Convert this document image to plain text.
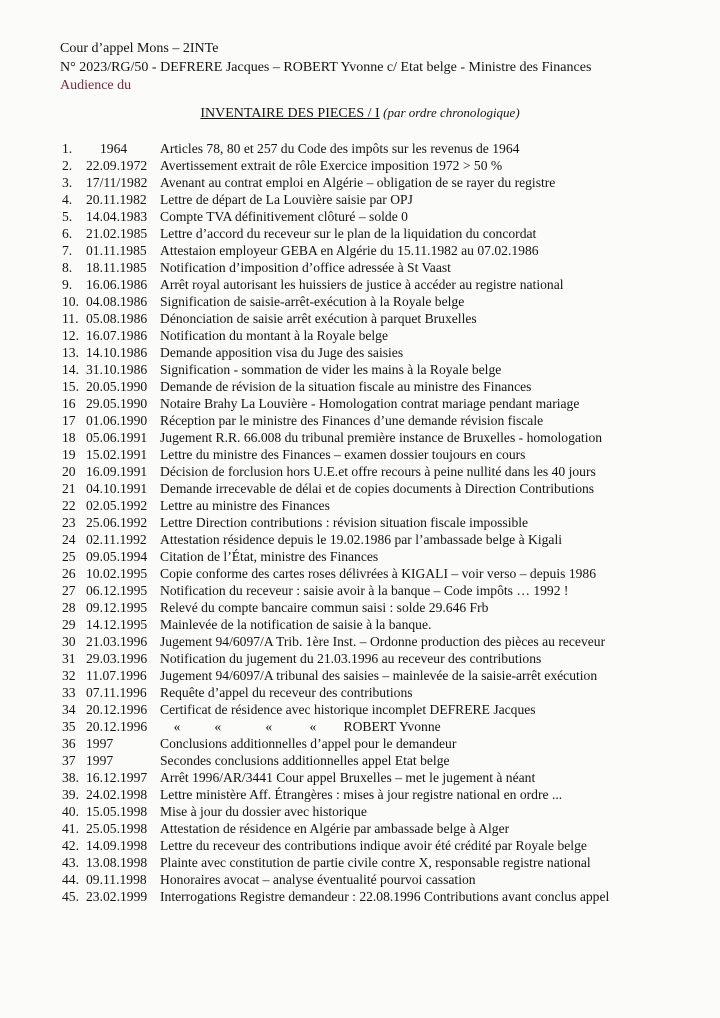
Cour d’appel Mons – 2INTe
N° 2023/RG/50 - DEFRERE Jacques – ROBERT Yvonne c/ Etat belge - Ministre des Finances
Audience du
INVENTAIRE DES PIECES / I (par ordre chronologique)
1.	1964	Articles 78, 80 et 257 du Code des impôts sur les revenus de 1964
2.	22.09.1972 Avertissement extrait de rôle Exercice imposition 1972 > 50 %
3.	17/11/1982 Avenant au contrat emploi en Algérie – obligation de se rayer du registre
4.	20.11.1982 Lettre de départ de La Louvière saisie par OPJ
5.	14.04.1983 Compte TVA définitivement clôturé – solde 0
6.	21.02.1985 Lettre d’accord du receveur sur le plan de la liquidation du concordat
7.	01.11.1985 Attestaion employeur GEBA en Algérie du 15.11.1982 au 07.02.1986
8.	18.11.1985 Notification d’imposition d’office adressée à St Vaast
9.	16.06.1986 Arrêt royal autorisant les huissiers de justice à accéder au registre national
10. 04.08.1986 Signification de saisie-arrêt-exécution à la Royale belge
11. 05.08.1986 Dénonciation de saisie arrêt exécution à parquet Bruxelles
12. 16.07.1986 Notification du montant à la Royale belge
13. 14.10.1986 Demande apposition visa du Juge des saisies
14. 31.10.1986 Signification - sommation de vider les mains à la Royale belge
15. 20.05.1990 Demande de révision de la situation fiscale au ministre des Finances
16 29.05.1990 Notaire Brahy La Louvière - Homologation contrat mariage pendant mariage
17 01.06.1990 Réception par le ministre des Finances d’une demande révision fiscale
18 05.06.1991 Jugement R.R. 66.008 du tribunal première instance de Bruxelles - homologation
19 15.02.1991 Lettre du ministre des Finances – examen dossier toujours en cours
20 16.09.1991 Décision de forclusion hors U.E.et offre recours à peine nullité dans les 40 jours
21 04.10.1991 Demande irrecevable de délai et de copies documents à Direction Contributions
22 02.05.1992 Lettre au ministre des Finances
23 25.06.1992 Lettre Direction contributions : révision situation fiscale impossible
24 02.11.1992 Attestation résidence depuis le 19.02.1986 par l’ambassade belge à Kigali
25 09.05.1994 Citation de l’État, ministre des Finances
26 10.02.1995 Copie conforme des cartes roses délivrées à KIGALI – voir verso – depuis 1986
27 06.12.1995 Notification du receveur : saisie avoir à la banque – Code impôts … 1992 !
28 09.12.1995 Relevé du compte bancaire commun saisi : solde 29.646 Frb
29 14.12.1995 Mainlevée de la notification de saisie à la banque.
30 21.03.1996 Jugement 94/6097/A Trib. 1ère Inst. – Ordonne production des pièces au receveur
31 29.03.1996 Notification du jugement du 21.03.1996 au receveur des contributions
32 11.07.1996 Jugement 94/6097/A tribunal des saisies – mainlevée de la saisie-arrêt exécution
33 07.11.1996 Requête d’appel du receveur des contributions
34 20.12.1996 Certificat de résidence avec historique incomplet DEFRERE Jacques
35 20.12.1996 «          «             «           «        ROBERT Yvonne
36 1997	Conclusions additionnelles d’appel pour le demandeur
37 1997	Secondes conclusions additionnelles appel Etat belge
38. 16.12.1997 Arrêt 1996/AR/3441 Cour appel Bruxelles – met le jugement à néant
39. 24.02.1998 Lettre ministère Aff. Étrangères : mises à jour registre national en ordre ...
40. 15.05.1998 Mise à jour du dossier avec historique
41. 25.05.1998 Attestation de résidence en Algérie par ambassade belge à Alger
42. 14.09.1998 Lettre du receveur des contributions indique avoir été crédité par Royale belge
43. 13.08.1998 Plainte avec constitution de partie civile contre X, responsable registre national
44. 09.11.1998 Honoraires avocat – analyse éventualité pourvoi cassation
45. 23.02.1999 Interrogations Registre demandeur : 22.08.1996 Contributions avant conclus appel
